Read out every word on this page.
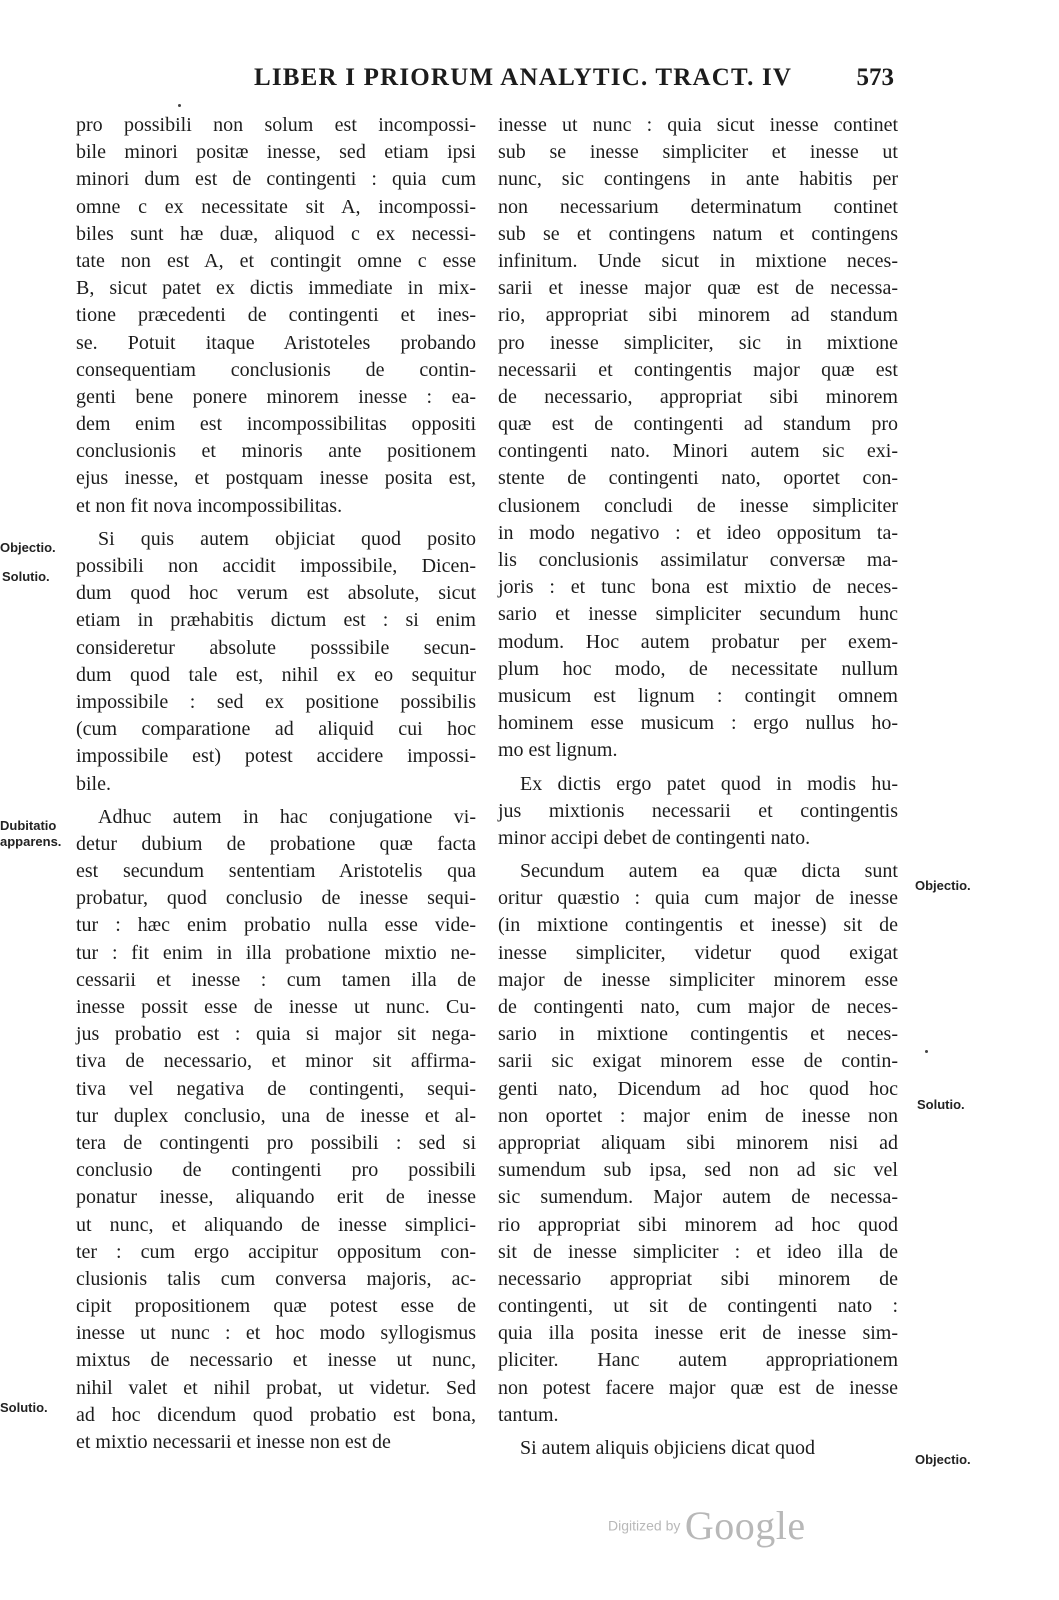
LIBER I PRIORUM ANALYTIC. TRACT. IV	573
pro possibili non solum est incompossi-
bile minori positæ inesse, sed etiam ipsi
minori dum est de contingenti : quia cum
omne c ex necessitate sit A, incompossi-
biles sunt hæ duæ, aliquod c ex necessi-
tate non est A, et contingit omne c esse
B, sicut patet ex dictis immediate in mix-
tione præcedenti de contingenti et ines-
se. Potuit itaque Aristoteles probando
consequentiam conclusionis de contin-
genti bene ponere minorem inesse : ea-
dem enim est incompossibilitas oppositi
conclusionis et minoris ante positionem
ejus inesse, et postquam inesse posita est,
et non fit nova incompossibilitas.
Si quis autem objiciat quod posito
possibili non accidit impossibile, Dicen-
dum quod hoc verum est absolute, sicut
etiam in præhabitis dictum est : si enim
consideretur absolute posssibile secun-
dum quod tale est, nihil ex eo sequitur
impossibile : sed ex positione possibilis
(cum comparatione ad aliquid cui hoc
impossibile est) potest accidere impossi-
bile.
Adhuc autem in hac conjugatione vi-
detur dubium de probatione quæ facta
est secundum sententiam Aristotelis qua
probatur, quod conclusio de inesse sequi-
tur : hæc enim probatio nulla esse vide-
tur : fit enim in illa probatione mixtio ne-
cessarii et inesse : cum tamen illa de
inesse possit esse de inesse ut nunc. Cu-
jus probatio est : quia si major sit nega-
tiva de necessario, et minor sit affirma-
tiva vel negativa de contingenti, sequi-
tur duplex conclusio, una de inesse et al-
tera de contingenti pro possibili : sed si
conclusio de contingenti pro possibili
ponatur inesse, aliquando erit de inesse
ut nunc, et aliquando de inesse simplici-
ter : cum ergo accipitur oppositum con-
clusionis talis cum conversa majoris, ac-
cipit propositionem quæ potest esse de
inesse ut nunc : et hoc modo syllogismus
mixtus de necessario et inesse ut nunc,
nihil valet et nihil probat, ut videtur. Sed
ad hoc dicendum quod probatio est bona,
et mixtio necessarii et inesse non est de
inesse ut nunc : quia sicut inesse continet
sub se inesse simpliciter et inesse ut
nunc, sic contingens in ante habitis per
non necessarium determinatum continet
sub se et contingens natum et contingens
infinitum. Unde sicut in mixtione neces-
sarii et inesse major quæ est de necessa-
rio, appropriat sibi minorem ad standum
pro inesse simpliciter, sic in mixtione
necessarii et contingentis major quæ est
de necessario, appropriat sibi minorem
quæ est de contingenti ad standum pro
contingenti nato. Minori autem sic exi-
stente de contingenti nato, oportet con-
clusionem concludi de inesse simpliciter
in modo negativo : et ideo oppositum ta-
lis conclusionis assimilatur conversæ ma-
joris : et tunc bona est mixtio de neces-
sario et inesse simpliciter secundum hunc
modum. Hoc autem probatur per exem-
plum hoc modo, de necessitate nullum
musicum est lignum : contingit omnem
hominem esse musicum : ergo nullus ho-
mo est lignum.
Ex dictis ergo patet quod in modis hu-
jus mixtionis necessarii et contingentis
minor accipi debet de contingenti nato.
Secundum autem ea quæ dicta sunt
oritur quæstio : quia cum major de inesse
(in mixtione contingentis et inesse) sit de
inesse simpliciter, videtur quod exigat
major de inesse simpliciter minorem esse
de contingenti nato, cum major de neces-
sario in mixtione contingentis et neces-
sarii sic exigat minorem esse de contin-
genti nato, Dicendum ad hoc quod hoc
non oportet : major enim de inesse non
appropriat aliquam sibi minorem nisi ad
sumendum sub ipsa, sed non ad sic vel
sic sumendum. Major autem de necessa-
rio appropriat sibi minorem ad hoc quod
sit de inesse simpliciter : et ideo illa de
necessario appropriat sibi minorem de
contingenti, ut sit de contingenti nato :
quia illa posita inesse erit de inesse sim-
pliciter. Hanc autem appropriationem
non potest facere major quæ est de inesse
tantum.
Si autem aliquis objiciens dicat quod
Objectio.
Solutio.
Dubitatio
apparens.
Solutio.
Objectio.
Solutio.
Objectio.
Digitized by Google
